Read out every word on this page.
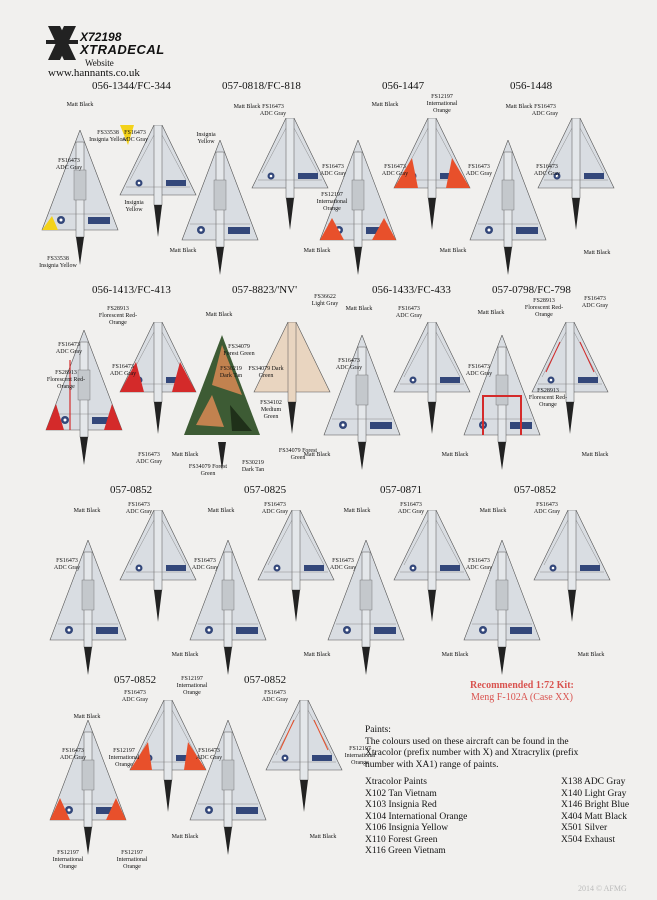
X72198
XTRADECAL
Website
www.hannants.co.uk
056-1344/FC-344	057-0818/FC-818	056-1447	056-1448
Matt Black
FS33538 Insignia Yellow
FS16473 ADC Gray
FS16473 ADC Gray
Insignia Yellow
Insignia Yellow
FS33538 Insignia Yellow
Matt Black FS16473 ADC Gray
FS16473 ADC Gray
FS12197 International Orange
Matt Black	Matt Black
Matt Black
FS12197 International Orange
FS16473 ADC Gray
FS16473 ADC Gray
Matt Black
Matt Black FS16473 ADC Gray
FS16473 ADC Gray
Matt Black
056-1413/FC-413	057-8823/'NV'	056-1433/FC-433	057-0798/FC-798
FS28913 Florescent Red-Orange
Matt Black
FS16473 ADC Gray
FS28913 Florescent Red-Orange
FS16473 ADC Gray
FS16473 ADC Gray
FS34079 Forest Green
FS30219 Dark Tan
FS34079 Dark Green
FS34102 Medium Green
FS36622 Light Gray
FS34079 Forest Green
FS34079 Forest Green
FS30219 Dark Tan
Matt Black	Matt Black
Matt Black	FS16473 ADC Gray
FS16473 ADC Gray	FS16473 ADC Gray
Matt Black
Matt Black
FS28913 Florescent Red-Orange
FS16473 ADC Gray
FS28913 Florescent Red-Orange
Matt Black
057-0852	057-0825	057-0871	057-0852
Matt Black
FS16473 ADC Gray
FS16473 ADC Gray
FS16473 ADC Gray
Matt Black
Matt Black
FS16473 ADC Gray
FS16473 ADC Gray
Matt Black
Matt Black
FS16473 ADC Gray
FS16473 ADC Gray
Matt Black
Matt Black
FS16473 ADC Gray
Matt Black
057-0852	057-0852
Matt Black
FS16473 ADC Gray
FS12197 International Orange
FS16473 ADC Gray
FS12197 International Orange
FS16473 ADC Gray
FS12197 International Orange
FS12197 International Orange
Matt Black
FS16473 ADC Gray
FS12197 International Orange
Matt Black
Recommended 1:72 Kit:
Meng F-102A (Case XX)

Paints:

The colours used on these aircraft can be found in the Xtracolor (prefix number with X) and Xtracrylix (prefix number with XA1) range of paints.

Xtracolor Paints
X102 Tan Vietnam
X103 Insignia Red
X104 International Orange
X106 Insignia Yellow
X110 Forest Green
X116 Green Vietnam
X138 ADC Gray
X140 Light Gray
X146 Bright Blue
X404 Matt Black
X501 Silver
X504 Exhaust
2014 © AFMG
